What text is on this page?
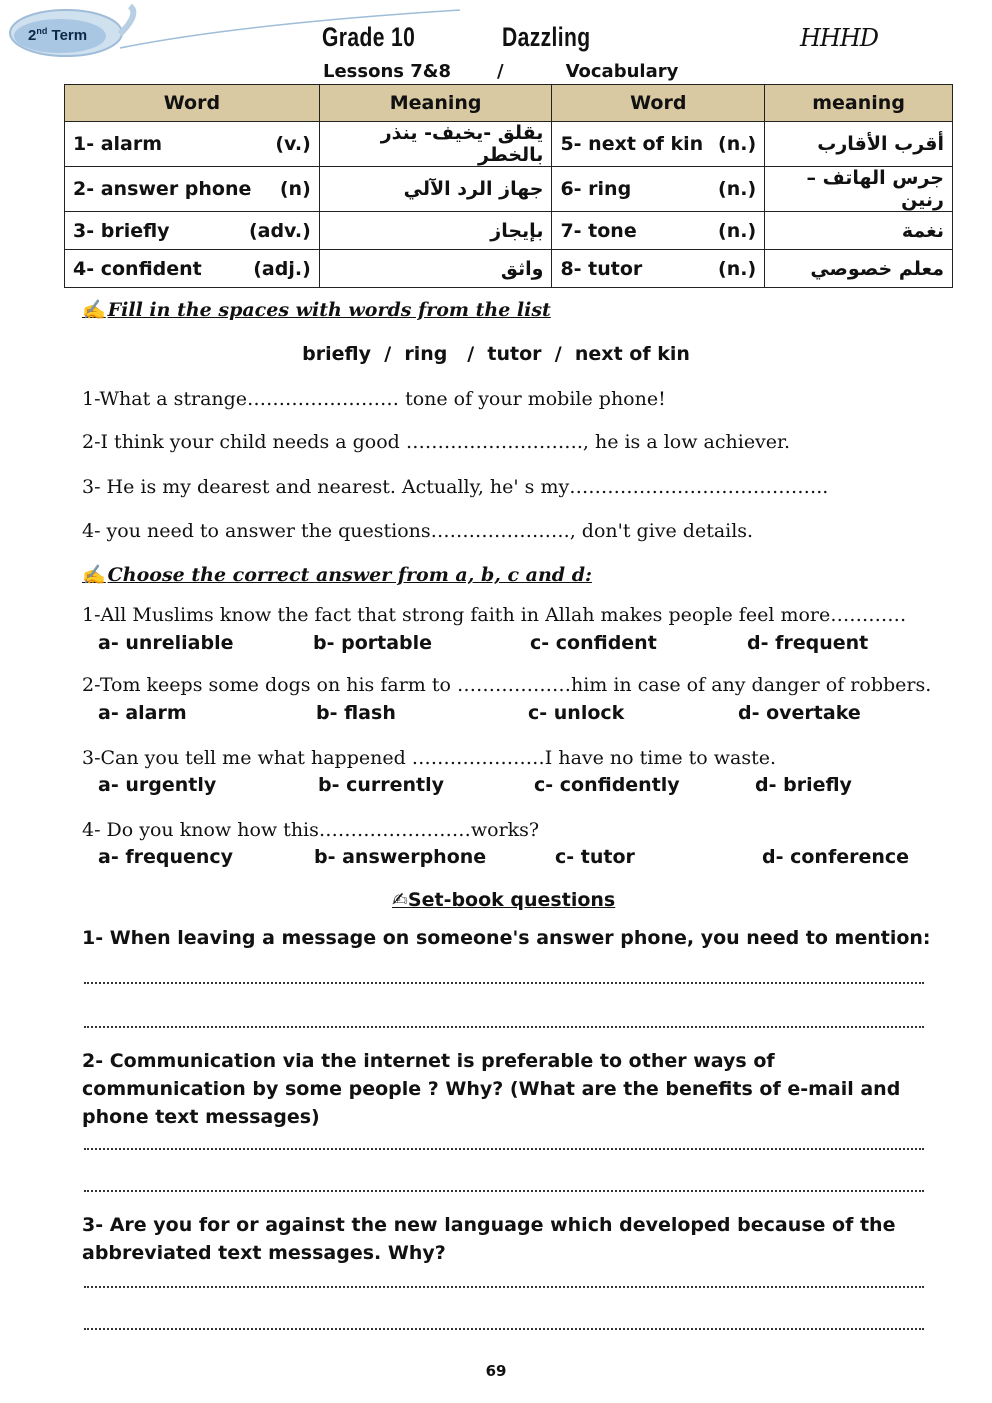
2nd Term	Grade 10	Dazzling	HHHD
Lessons 7&8	/	Vocabulary
Word	Meaning	Word	meaning

1- alarm (v.)	يقلق -يخيف- ينذر بالخطر	5- next of kin (n.)	أقرب الأقارب

2- answer phone (n)	جهاز الرد الآلي	6- ring (n.)	جرس الهاتف – رنين

3- briefly (adv.)	بإيجاز	7- tone (n.)	نغمة

4- confident (adj.)	واثق	8- tutor (n.)	معلم خصوصي
✍ Fill in the spaces with words from the list
briefly  /  ring   /  tutor  /  next of kin
1-What a strange…………………… tone of your mobile phone!
2-I think your child needs a good ………………………., he is a low achiever.
3- He is my dearest and nearest. Actually, he' s my…………………………………..
4- you need to answer the questions…………………., don't give details.
✍ Choose the correct answer from a, b, c and d:
1-All Muslims know the fact that strong faith in Allah makes people feel more…………
a- unreliable	b- portable	c- confident	d- frequent
2-Tom keeps some dogs on his farm to ………………him in case of any danger of robbers.
a- alarm	b- flash	c- unlock	d- overtake
3-Can you tell me what happened …………………I have no time to waste.
a- urgently	b- currently	c- confidently	d- briefly
4- Do you know how this……………………works?
a- frequency	b- answerphone	c- tutor	d- conference
✍Set-book questions
1- When leaving a message on someone's answer phone, you need to mention:
2- Communication via the internet is preferable to other ways of
communication by some people ? Why? (What are the benefits of e-mail and
phone text messages)
3- Are you for or against the new language which developed because of the
abbreviated text messages. Why?
69
